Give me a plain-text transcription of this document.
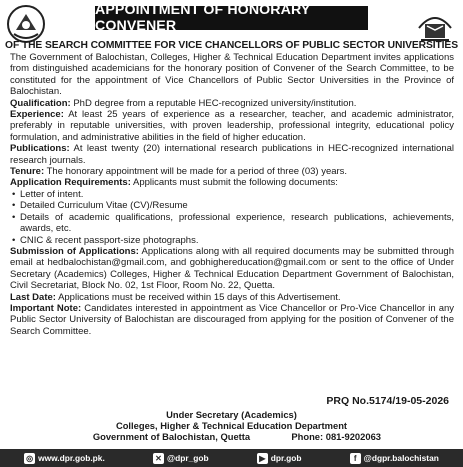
APPOINTMENT OF HONORARY CONVENER
OF THE SEARCH COMMITTEE FOR VICE CHANCELLORS OF PUBLIC SECTOR UNIVERSITIES

The Government of Balochistan, Colleges, Higher & Technical Education Department invites applications from distinguished academicians for the honorary position of Convener of the Search Committee, to be constituted for the appointment of Vice Chancellors of Public Sector Universities in the Province of Balochistan.

Qualification: PhD degree from a reputable HEC-recognized university/institution.

Experience: At least 25 years of experience as a researcher, teacher, and academic administrator, preferably in reputable universities, with proven leadership, professional integrity, educational policy formulation, and administrative abilities in the field of higher education.

Publications: At least twenty (20) international research publications in HEC-recognized international research journals.

Tenure: The honorary appointment will be made for a period of three (03) years.

Application Requirements: Applicants must submit the following documents:

• Letter of intent.
• Detailed Curriculum Vitae (CV)/Resume
• Details of academic qualifications, professional experience, research publications, achievements, awards, etc.
• CNIC & recent passport-size photographs.

Submission of Applications: Applications along with all required documents may be submitted through email at hedbalochistan@gmail.com, and gobhighereducation@gmail.com or sent to the office of Under Secretary (Academics) Colleges, Higher & Technical Education Department Government of Balochistan, Civil Secretariat, Block No. 02, 1st Floor, Room No. 22, Quetta.

Last Date: Applications must be received within 15 days of this Advertisement.

Important Note: Candidates interested in appointment as Vice Chancellor or Pro-Vice Chancellor in any Public Sector University of Balochistan are discouraged from applying for the position of Convener of the Search Committee.

PRQ No.5174/19-05-2026
Under Secretary (Academics)
Colleges, Higher & Technical Education Department
Government of Balochistan, Quetta	Phone: 081-9202063
◎ www.dpr.gob.pk.	✕ @dpr_gob	▶ dpr.gob	f @dgpr.balochistan
